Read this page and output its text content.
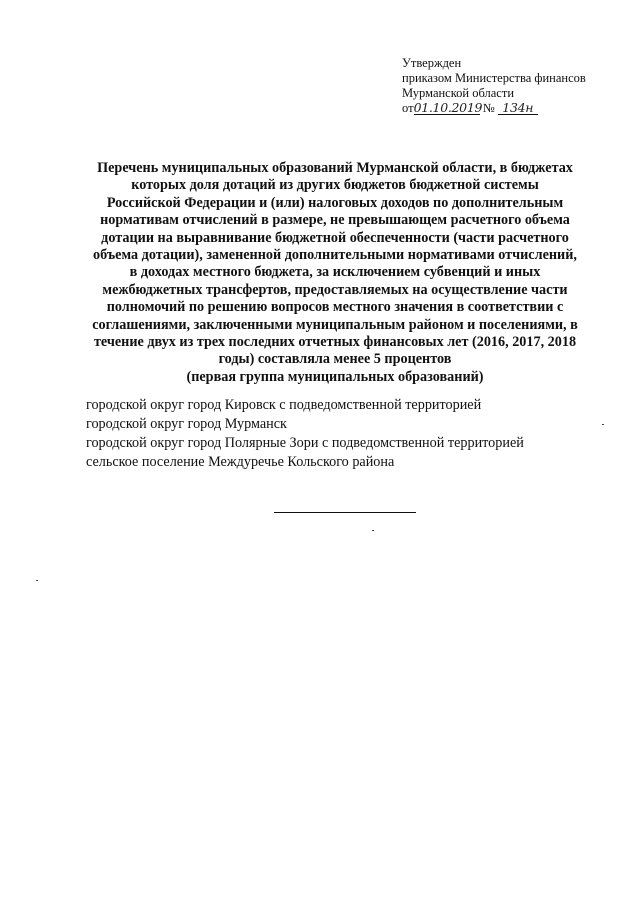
Утвержден
приказом Министерства финансов
Мурманской области
от01.10.2019 № 134н
Перечень муниципальных образований Мурманской области, в бюджетах
которых доля дотаций из других бюджетов бюджетной системы
Российской Федерации и (или) налоговых доходов по дополнительным
нормативам отчислений в размере, не превышающем расчетного объема
дотации на выравнивание бюджетной обеспеченности (части расчетного
объема дотации), замененной дополнительными нормативами отчислений,
в доходах местного бюджета, за исключением субвенций и иных
межбюджетных трансфертов, предоставляемых на осуществление части
полномочий по решению вопросов местного значения в соответствии с
соглашениями, заключенными муниципальным районом и поселениями, в
течение двух из трех последних отчетных финансовых лет (2016, 2017, 2018
годы) составляла менее 5 процентов
(первая группа муниципальных образований)
городской округ город Кировск с подведомственной территорией
городской округ город Мурманск
городской округ город Полярные Зори с подведомственной территорией
сельское поселение Междуречье Кольского района
